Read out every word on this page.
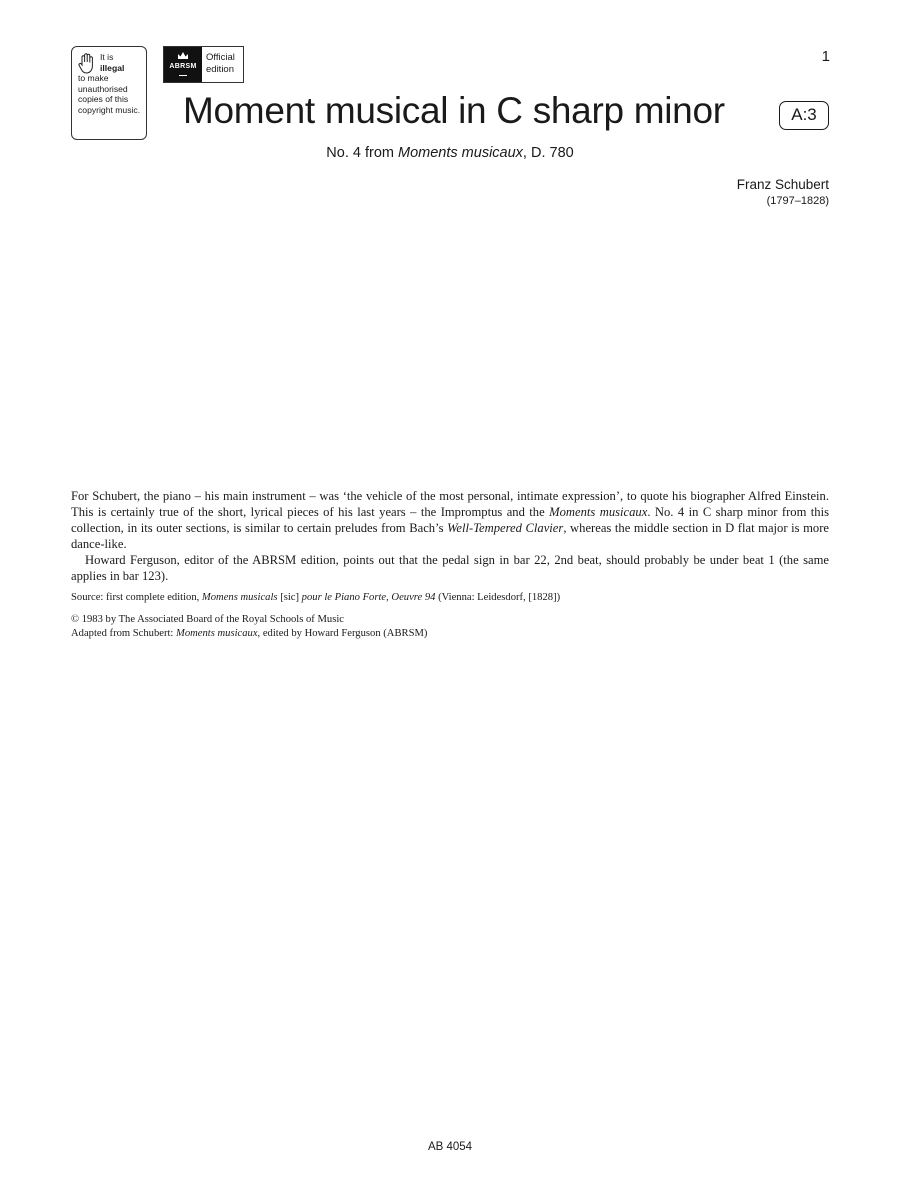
It is
illegal
to make unauthorised copies of this copyright music.
ABRSM
Official
edition
1
Moment musical in C sharp minor	A:3
No. 4 from Moments musicaux, D. 780
Franz Schubert
(1797–1828)

For Schubert, the piano – his main instrument – was ‘the vehicle of the most personal, intimate expression’, to quote his biographer Alfred Einstein. This is certainly true of the short, lyrical pieces of his last years – the Impromptus and the Moments musicaux. No. 4 in C sharp minor from this collection, in its outer sections, is similar to certain preludes from Bach’s Well-Tempered Clavier, whereas the middle section in D flat major is more dance-like.

Howard Ferguson, editor of the ABRSM edition, points out that the pedal sign in bar 22, 2nd beat, should probably be under beat 1 (the same applies in bar 123).

Source: first complete edition, Momens musicals [sic] pour le Piano Forte, Oeuvre 94 (Vienna: Leidesdorf, [1828])
© 1983 by The Associated Board of the Royal Schools of Music
Adapted from Schubert: Moments musicaux, edited by Howard Ferguson (ABRSM)
AB 4054
